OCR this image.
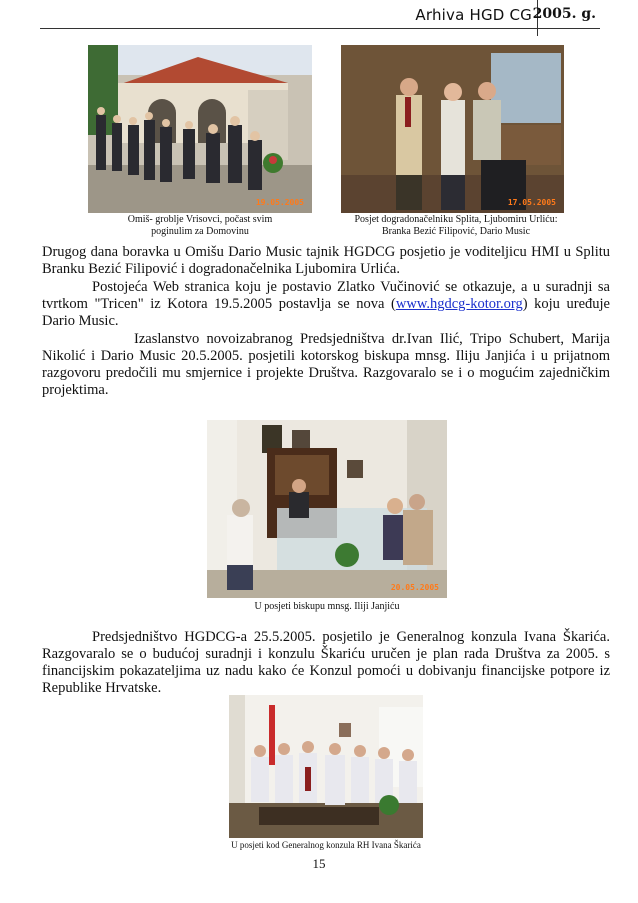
Arhiva HGD CG 2005. g.
19.05.2005
Omiš- groblje Vrisovci, počast svim
poginulim za Domovinu
17.05.2005
Posjet dogradonačelniku Splita, Ljubomiru Urliću:
Branka Bezić Filipović, Dario Music
Drugog dana boravka u Omišu Dario Music tajnik HGDCG posjetio je voditeljicu HMI u Splitu Branku Bezić Filipović i dogradonačelnika Ljubomira Urlića.
Postojeća Web stranica koju je postavio Zlatko Vučinović se otkazuje, a u suradnji sa tvrtkom "Tricen" iz Kotora 19.5.2005 postavlja se nova (www.hgdcg-kotor.org) koju uređuje Dario Music.
Izaslanstvo novoizabranog Predsjedništva dr.Ivan Ilić, Tripo Schubert, Marija Nikolić i Dario Music 20.5.2005. posjetili kotorskog biskupa mnsg. Iliju Janjića i u prijatnom razgovoru predočili mu smjernice i projekte Društva. Razgovaralo se i o mogućim zajedničkim projektima.
20.05.2005
U posjeti biskupu mnsg. Iliji Janjiću
Predsjedništvo HGDCG-a 25.5.2005. posjetilo je Generalnog konzula Ivana Škarića. Razgovaralo se o budućoj suradnji i konzulu Škariću uručen je plan rada Društva za 2005. s financijskim pokazateljima uz nadu kako će Konzul pomoći u dobivanju financijske potpore iz Republike Hrvatske.
U posjeti kod Generalnog konzula RH Ivana Škarića
15
